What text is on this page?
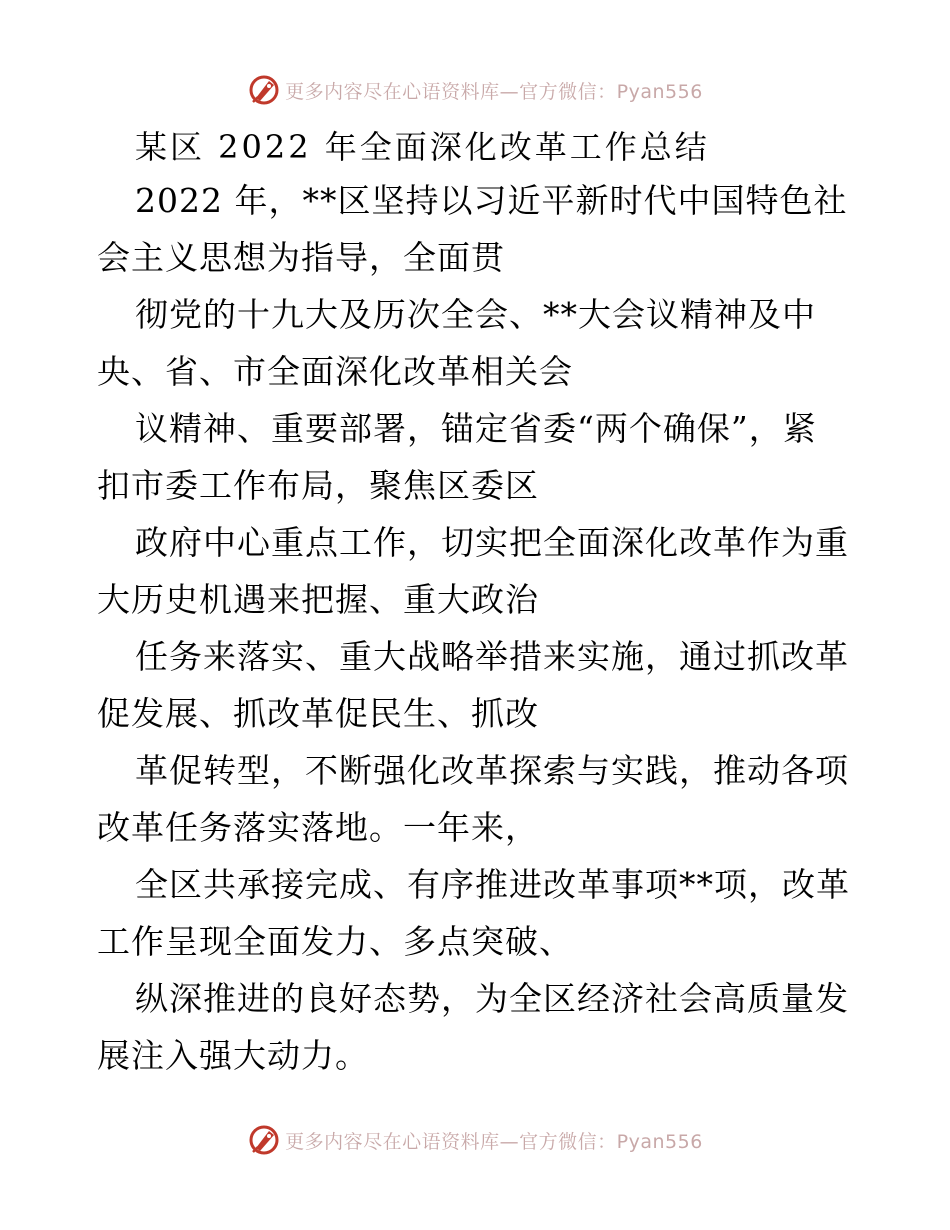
更多内容尽在心语资料库—官方微信：Pyan556
某区 2022 年全面深化改革工作总结

2022 年，**区坚持以习近平新时代中国特色社
会主义思想为指导，全面贯

彻党的十九大及历次全会、**大会议精神及中
央、省、市全面深化改革相关会

议精神、重要部署，锚定省委“两个确保”，紧
扣市委工作布局，聚焦区委区

政府中心重点工作，切实把全面深化改革作为重
大历史机遇来把握、重大政治

任务来落实、重大战略举措来实施，通过抓改革
促发展、抓改革促民生、抓改

革促转型，不断强化改革探索与实践，推动各项
改革任务落实落地。一年来，

全区共承接完成、有序推进改革事项**项，改革
工作呈现全面发力、多点突破、

纵深推进的良好态势，为全区经济社会高质量发
展注入强大动力。

更多内容尽在心语资料库—官方微信：Pyan556
